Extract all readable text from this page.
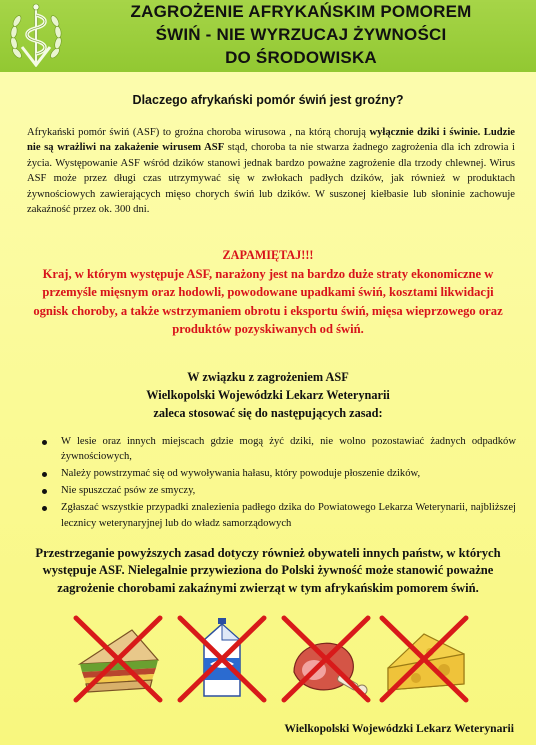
ZAGROŻENIE AFRYKAŃSKIM POMOREM
ŚWIŃ - NIE WYRZUCAJ ŻYWNOŚCI
DO ŚRODOWISKA
Dlaczego afrykański pomór świń jest groźny?
Afrykański pomór świń (ASF) to groźna choroba wirusowa , na którą chorują wyłącznie dziki i świnie. Ludzie nie są wrażliwi na zakażenie wirusem ASF stąd, choroba ta nie stwarza żadnego zagrożenia dla ich zdrowia i życia. Występowanie ASF wśród dzików stanowi jednak bardzo poważne zagrożenie dla trzody chlewnej. Wirus ASF może przez długi czas utrzymywać się w zwłokach padłych dzików, jak również w produktach żywnościowych zawierających mięso chorych świń lub dzików. W suszonej kiełbasie lub słoninie zachowuje zakaźność przez ok. 300 dni.
ZAPAMIĘTAJ!!!
Kraj, w którym występuje ASF, narażony jest na bardzo duże straty ekonomiczne w przemyśle mięsnym oraz hodowli, powodowane upadkami świń, kosztami likwidacji ognisk choroby, a także wstrzymaniem obrotu i eksportu świń, mięsa wieprzowego oraz produktów pozyskiwanych od świń.
W związku z zagrożeniem ASF
Wielkopolski Wojewódzki Lekarz Weterynarii
zaleca stosować się do następujących zasad:
W lesie oraz innych miejscach gdzie mogą żyć dziki, nie wolno pozostawiać żadnych odpadków żywnościowych,
Należy powstrzymać się od wywoływania hałasu, który powoduje płoszenie dzików,
Nie spuszczać psów ze smyczy,
Zgłaszać wszystkie przypadki znalezienia padłego dzika do Powiatowego Lekarza Weterynarii, najbliższej lecznicy weterynaryjnej lub do władz samorządowych
Przestrzeganie powyższych zasad dotyczy również obywateli innych państw, w których występuje ASF. Nielegalnie przywieziona do Polski żywność może stanowić poważne zagrożenie chorobami zakaźnymi zwierząt w tym afrykańskim pomorem świń.
Wielkopolski Wojewódzki Lekarz Weterynarii
